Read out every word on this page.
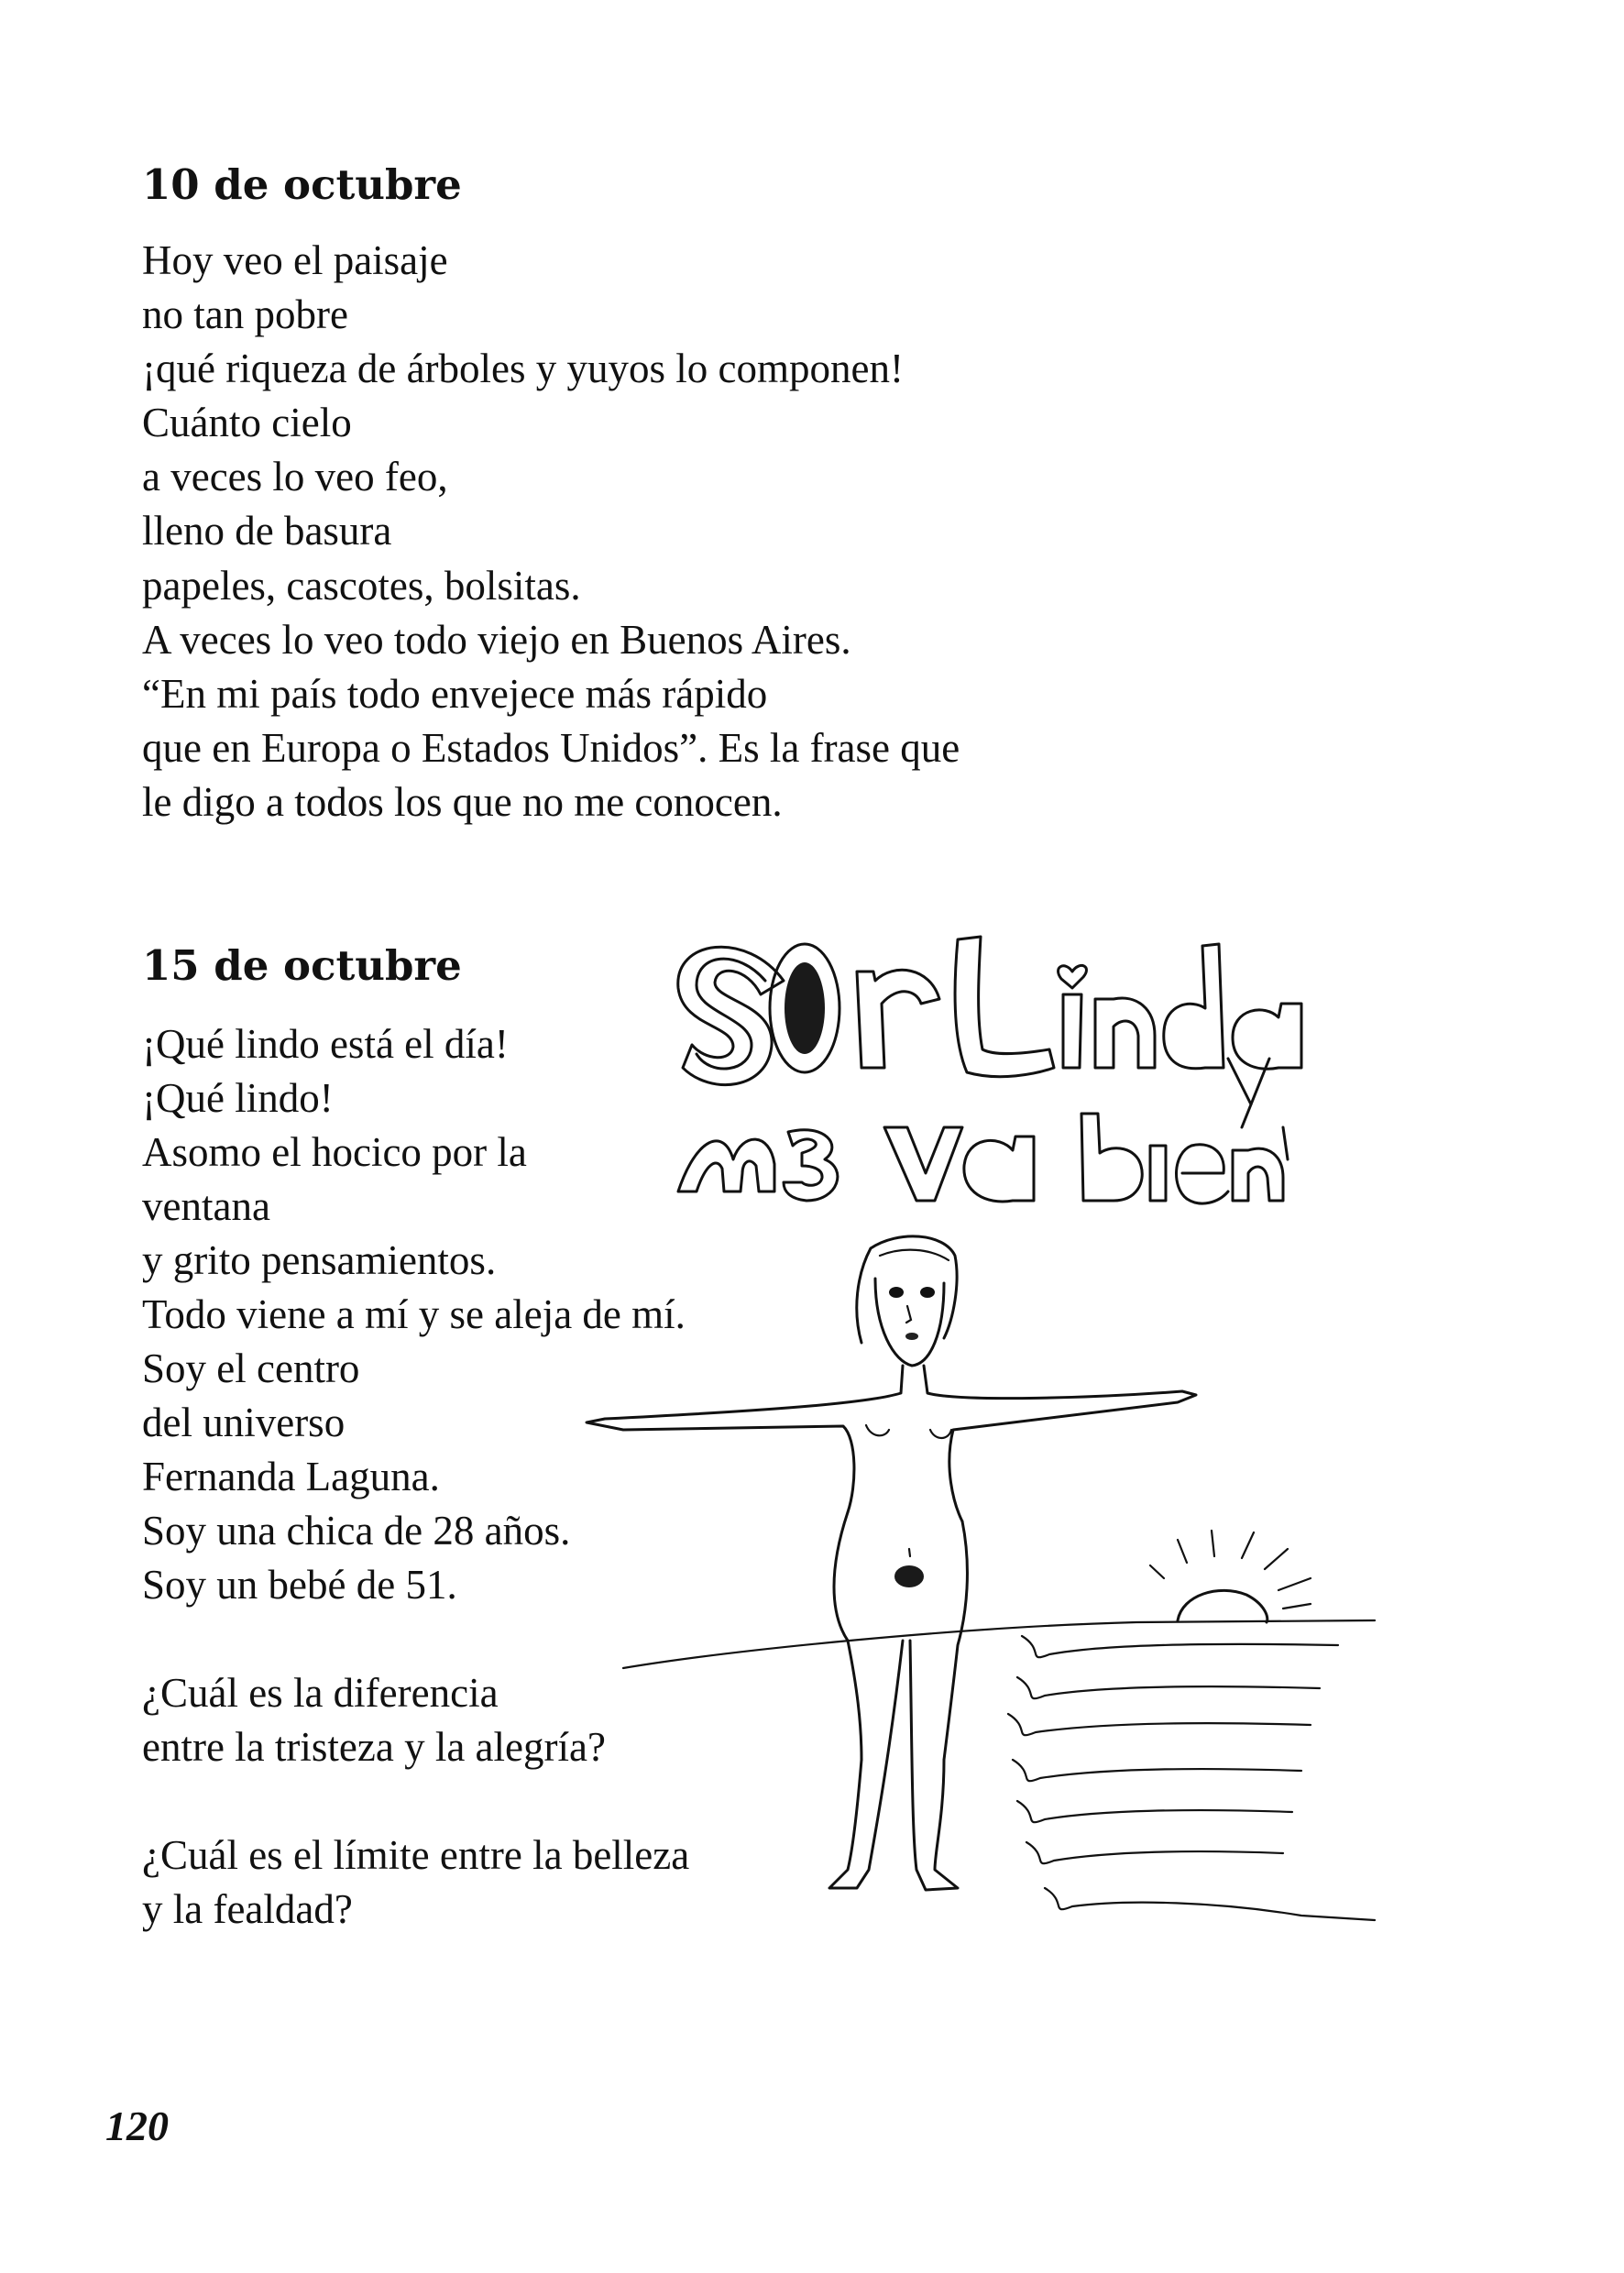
10 de octubre
Hoy veo el paisaje
no tan pobre
¡qué riqueza de árboles y yuyos lo componen!
Cuánto cielo
a veces lo veo feo,
lleno de basura
papeles, cascotes, bolsitas.
A veces lo veo todo viejo en Buenos Aires.
“En mi país todo envejece más rápido
que en Europa o Estados Unidos”. Es la frase que
le digo a todos los que no me conocen.
15 de octubre
¡Qué lindo está el día!
¡Qué lindo!
Asomo el hocico por la
ventana
y grito pensamientos.
Todo viene a mí y se aleja de mí.
Soy el centro
del universo
Fernanda Laguna.
Soy una chica de 28 años.
Soy un bebé de 51.
¿Cuál es la diferencia
entre la tristeza y la alegría?
¿Cuál es el límite entre la belleza
y la fealdad?
120
